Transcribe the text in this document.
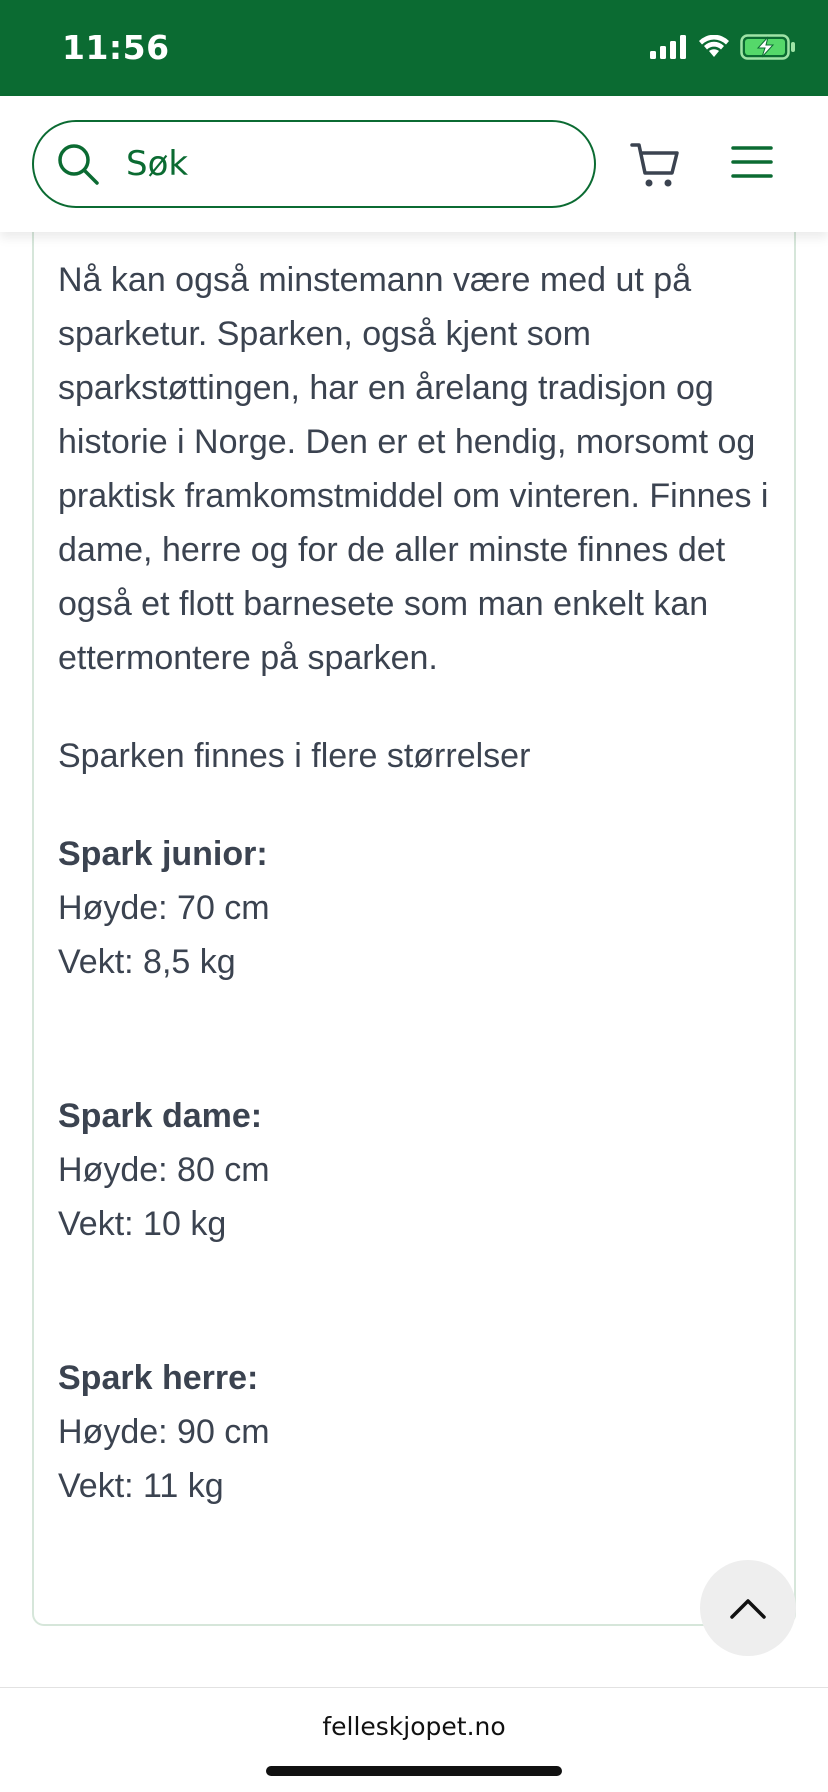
11:56
Søk

Nå kan også minstemann være med ut på sparketur. Sparken, også kjent som sparkstøttingen, har en årelang tradisjon og historie i Norge. Den er et hendig, morsomt og praktisk framkomstmiddel om vinteren. Finnes i dame, herre og for de aller minste finnes det også et flott barnesete som man enkelt kan ettermontere på sparken.

Sparken finnes i flere størrelser

Spark junior:

Høyde: 70 cm

Vekt: 8,5 kg

Spark dame:

Høyde: 80 cm

Vekt: 10 kg

Spark herre:

Høyde: 90 cm

Vekt: 11 kg

felleskjopet.no
